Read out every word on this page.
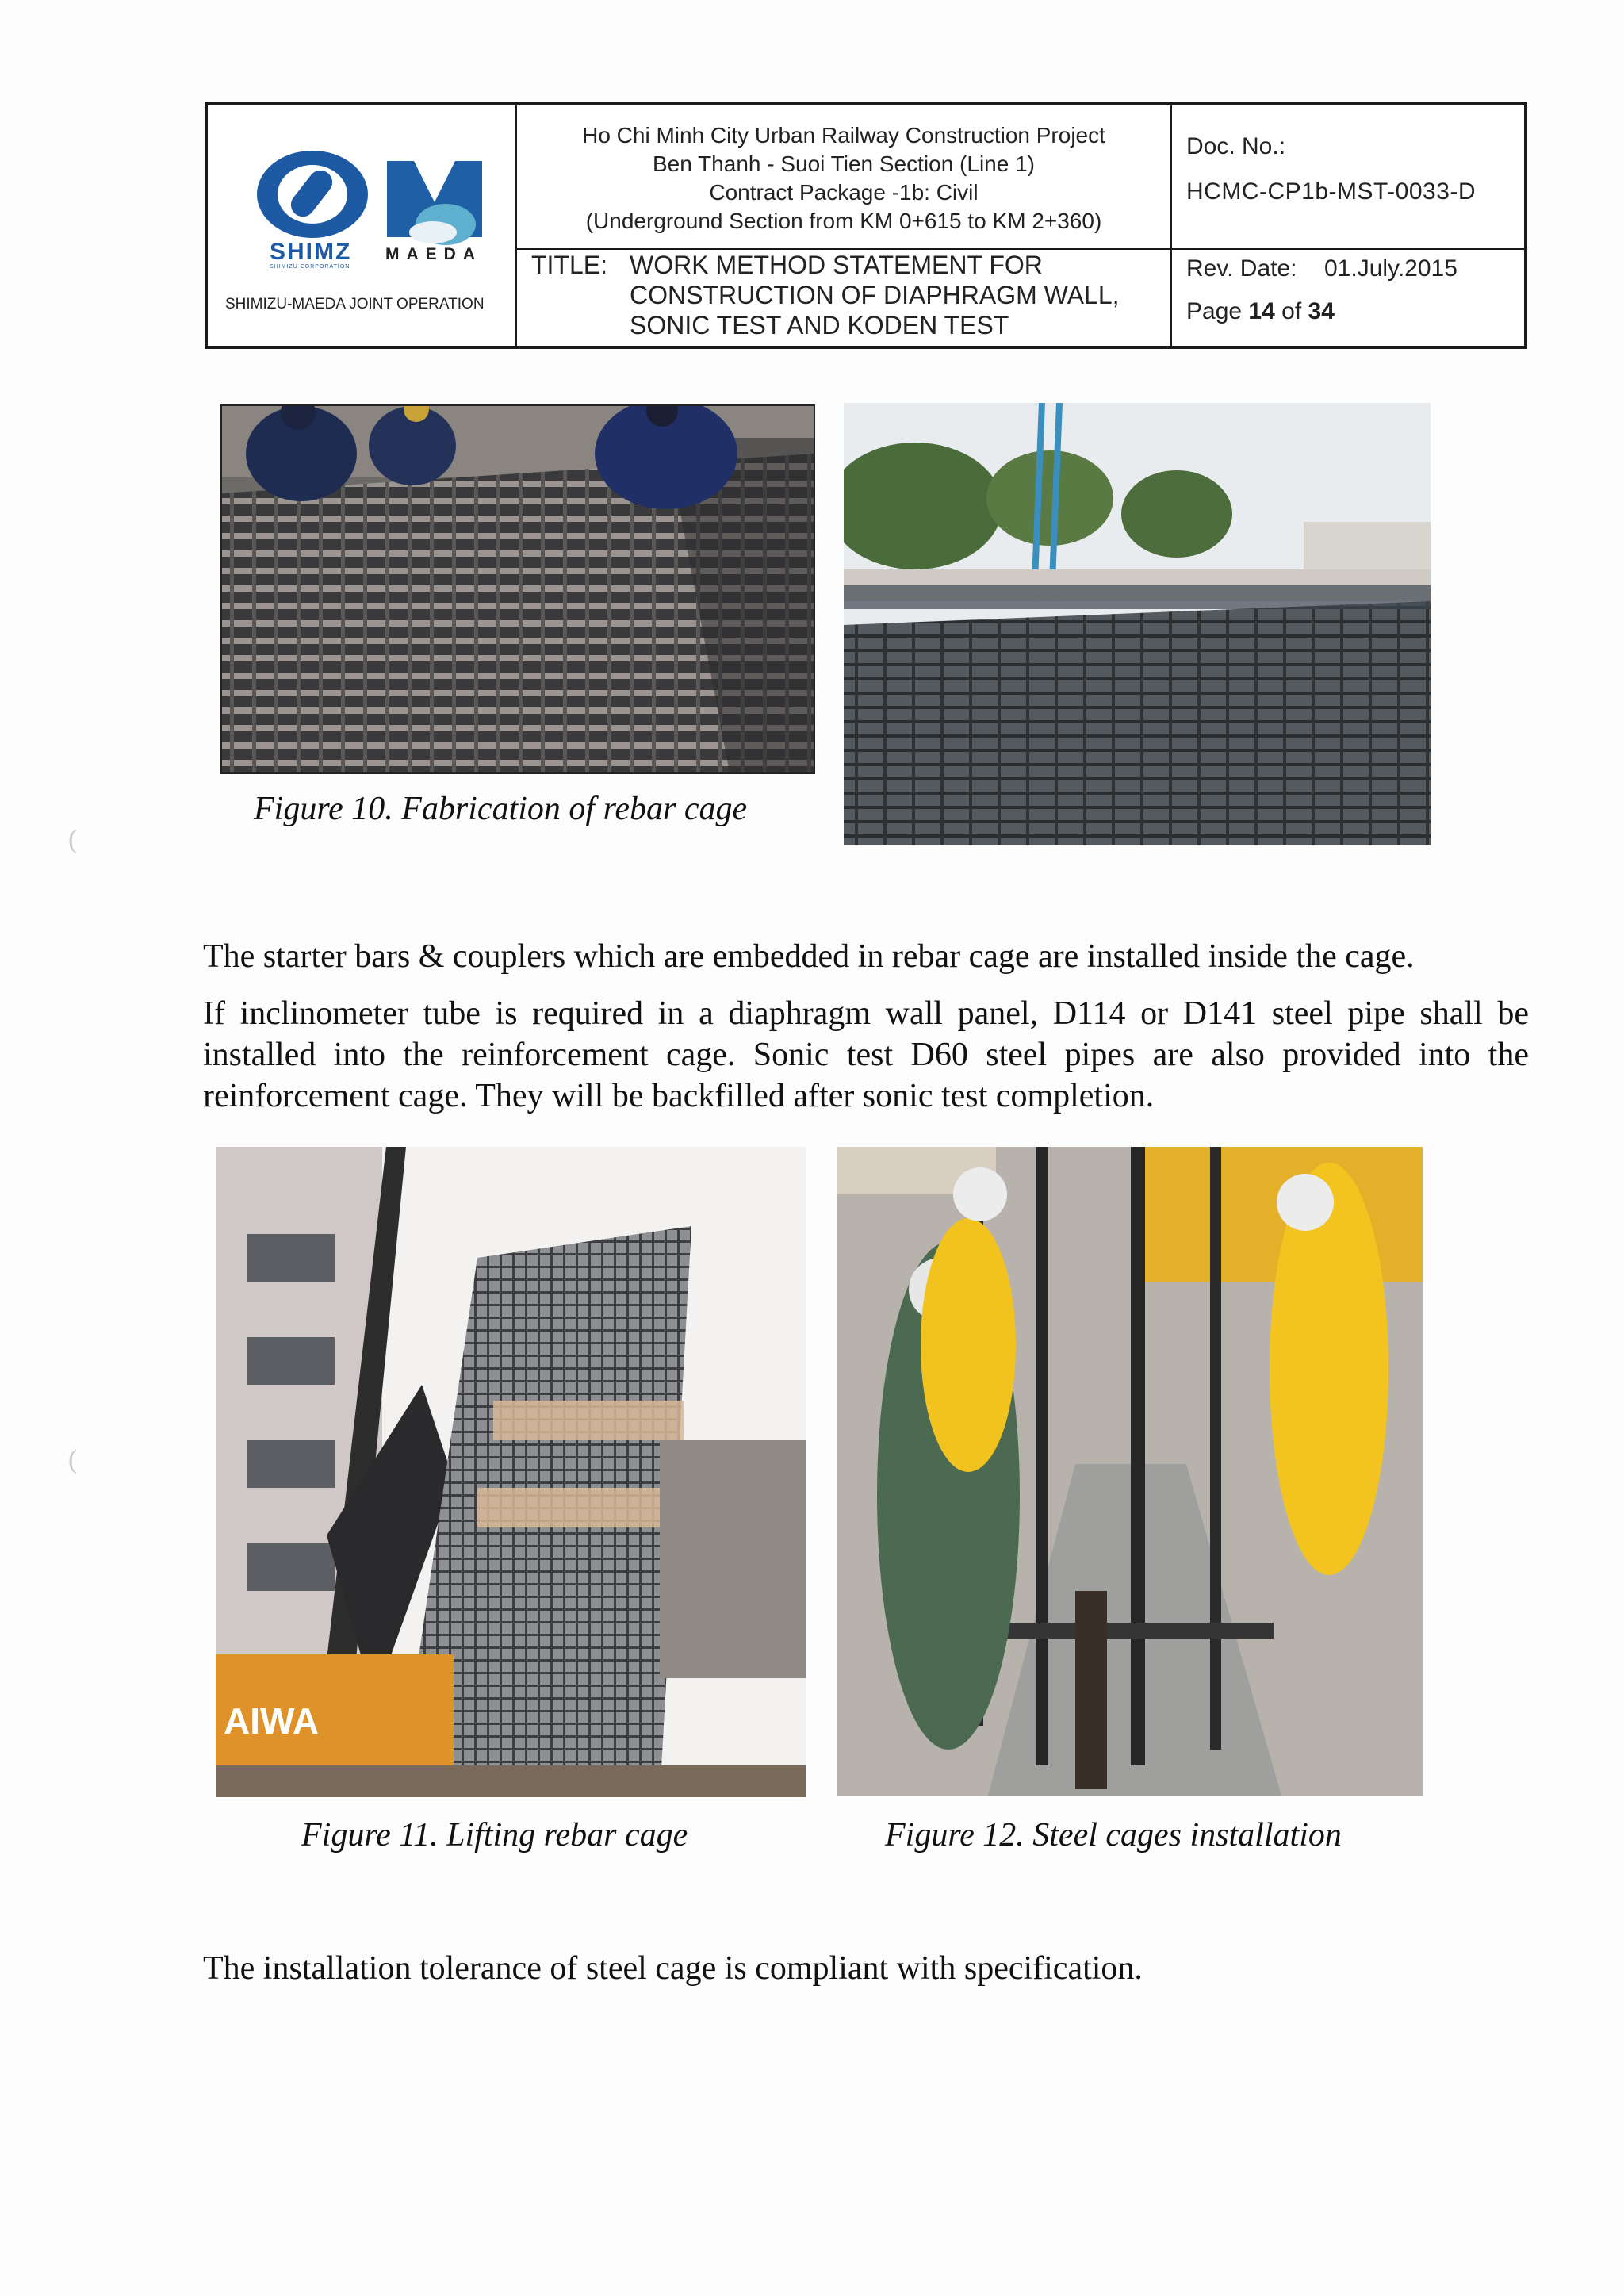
SHIMZ
SHIMIZU CORPORATION
MAEDA
SHIMIZU-MAEDA JOINT OPERATION
Ho Chi Minh City Urban Railway Construction Project
Ben Thanh - Suoi Tien Section (Line 1)
Contract Package -1b: Civil
(Underground Section from KM 0+615 to KM 2+360)
TITLE: WORK METHOD STATEMENT FOR
CONSTRUCTION OF DIAPHRAGM WALL,
SONIC TEST AND KODEN TEST
Doc. No.:
HCMC-CP1b-MST-0033-D
Rev. Date: 01.July.2015
Page 14 of 34
Figure 10. Fabrication of rebar cage

The starter bars & couplers which are embedded in rebar cage are installed inside the cage.

If inclinometer tube is required in a diaphragm wall panel, D114 or D141 steel pipe shall be installed into the reinforcement cage. Sonic test D60 steel pipes are also provided into the reinforcement cage. They will be backfilled after sonic test completion.

AIWA
Figure 11. Lifting rebar cage	Figure 12. Steel cages installation

The installation tolerance of steel cage is compliant with specification.

(
(
